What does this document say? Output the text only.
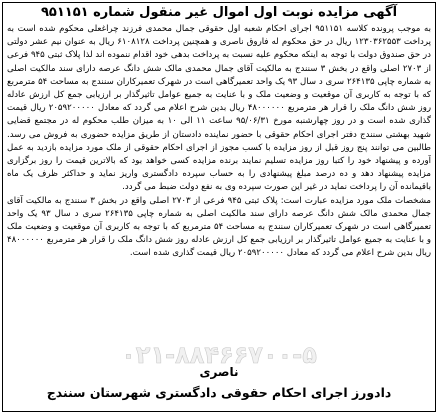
آگهی مزایده نوبت اول اموال غیر منقول شماره ۹۵۱۱۵۱

به موجب پرونده کلاسه ۹۵۱۱۵۱ اجرای احکام شعبه اول حقوقی جمال محمدی فرزند چراغعلی محکوم شده است به پرداخت ۱۲۳۰۳۶۲۵۵۳ ریال در حق محکوم له فاروق ناصری و همچنین پرداخت ۶۱۰۸۱۲۸ ریال به عنوان نیم عشر دولتی در حق صندوق دولت با توجه به اینکه محکوم علیه نسبت به پرداخت بدهی خود اقدام ننموده اند لذا پلاک ثبتی ۹۴۵ فرعی از ۲۷۰۳ اصلی واقع در بخش ۳ سنندج به مالکیت آقای جمال محمدی مالک شش دانگ عرصه دارای سند مالکیت اصلی به شماره چاپی ۲۶۴۱۳۵ سری د سال ۹۳ یک واحد تعمیرگاهی است در شهرک تعمیرکاران سنندج به مساحت ۵۴ مترمربع که با توجه به کاربری آن موقعیت و وضعیت ملک و با عنایت به جمیع عوامل تاثیرگذار بر ارزیابی جمع کل ارزش عادله روز شش دانگ ملک را قرار هر مترمربع ۴۸۰۰۰۰۰۰ ریال بدین شرح اعلام می گردد که معادل ۲۰۵۹۲۰۰۰۰۰ ریال قیمت گذاری شده است و در روز چهارشنبه مورخ ۹۵/۰۶/۳۱ ساعت ۱۱ الی ۱۰ به میزان طلب محکوم له در مجتمع قضایی شهید بهشتی سنندج دفتر اجرای احکام حقوقی با حضور نماینده دادستان از طریق مزایده حضوری به فروش می رسد. طالبین می توانند پنج روز قبل از روز مزایده با کسب مجوز از اجرای احکام حقوقی از ملک مورد مزایده بازدید به عمل آورده و پیشنهاد خود را کتبا روز مزایده تسلیم نمایند برنده مزایده کسی خواهد بود که بالاترین قیمت را روز برگزاری مزایده پیشنهاد دهد و ده درصد مبلغ پیشنهادی را به حساب سپرده دادگستری واریز نماید و حداکثر ظرف یک ماه باقیمانده آن را پرداخت نماید در غیر این صورت سپرده وی به نفع دولت ضبط می گردد.

مشخصات ملک مورد مزایده عبارت است: پلاک ثبتی ۹۴۵ فرعی از ۲۷۰۳ اصلی واقع در بخش ۳ سنندج به مالکیت آقای جمال محمدی مالک شش دانگ عرصه دارای سند مالکیت اصلی به شماره چاپی ۲۶۴۱۳۵ سری د سال ۹۳ یک واحد تعمیرگاهی است در شهرک تعمیرکاران سنندج به مساحت ۵۴ مترمربع که با توجه به کاربری آن موقعیت و وضعیت ملک و با عنایت به جمیع عوامل تاثیرگذار بر ارزیابی جمع کل ارزش عادله روز شش دانگ ملک را قرار هر مترمربع ۴۸۰۰۰۰۰۰ ریال بدین شرح اعلام می گردد که معادل ۲۰۵۹۲۰۰۰۰۰ ریال قیمت گذاری شده است.

۰۲۱-۸۸۴۶۶۷۰۰-۵
ناصری
دادورز اجرای احکام حقوقی دادگستری شهرستان سنندج
